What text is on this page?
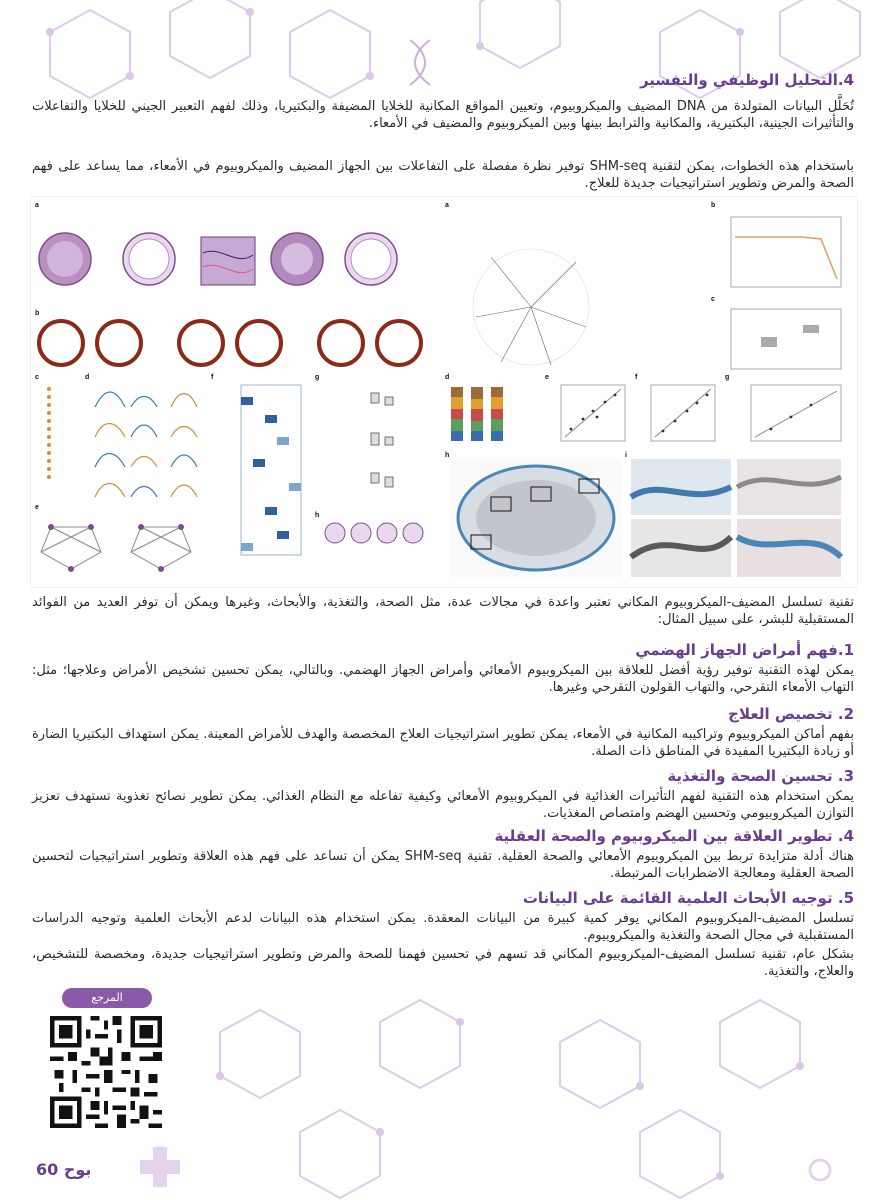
4.التحليل الوظيفي والتفسير
تُحَلَّل البيانات المتولدة من DNA المضيف والميكروبيوم، وتعيين المواقع المكانية للخلايا المضيفة والبكتيريا، وذلك لفهم التعبير الجيني للخلايا والتفاعلات والتأثيرات الجينية، البكتيرية، والمكانية والترابط بينها وبين الميكروبيوم والمضيف في الأمعاء.
باستخدام هذه الخطوات، يمكن لتقنية SHM-seq توفير نظرة مفصلة على التفاعلات بين الجهاز المضيف والميكروبيوم في الأمعاء، مما يساعد على فهم الصحة والمرض وتطوير استراتيجيات جديدة للعلاج.
a
b
c	d	f	g
e
h
a	b
c
d	e	f	g
h	i
تقنية تسلسل المضيف-الميكروبيوم المكاني تعتبر واعدة في مجالات عدة، مثل الصحة، والتغذية، والأبحاث، وغيرها ويمكن أن توفر العديد من الفوائد المستقبلية للبشر، على سبيل المثال:
1.فهم أمراض الجهاز الهضمي
يمكن لهذه التقنية توفير رؤية أفضل للعلاقة بين الميكروبيوم الأمعائي وأمراض الجهاز الهضمي. وبالتالي، يمكن تحسين تشخيص الأمراض وعلاجها؛ مثل: التهاب الأمعاء التقرحي، والتهاب القولون التقرحي وغيرها.
2. تخصيص العلاج
بفهم أماكن الميكروبيوم وتراكيبه المكانية في الأمعاء، يمكن تطوير استراتيجيات العلاج المخصصة والهدف للأمراض المعينة. يمكن استهداف البكتيريا الضارة أو زيادة البكتيريا المفيدة في المناطق ذات الصلة.
3. تحسين الصحة والتغذية
يمكن استخدام هذه التقنية لفهم التأثيرات الغذائية في الميكروبيوم الأمعائي وكيفية تفاعله مع النظام الغذائي. يمكن تطوير نصائح تغذوية تستهدف تعزيز التوازن الميكروبيومي وتحسين الهضم وامتصاص المغذيات.
4. تطوير العلاقة بين الميكروبيوم والصحة العقلية
هناك أدلة متزايدة تربط بين الميكروبيوم الأمعائي والصحة العقلية. تقنية SHM-seq يمكن أن تساعد على فهم هذه العلاقة وتطوير استراتيجيات لتحسين الصحة العقلية ومعالجة الاضطرابات المرتبطة.
5. توجيه الأبحاث العلمية القائمة على البيانات
تسلسل المضيف-الميكروبيوم المكاني يوفر كمية كبيرة من البيانات المعقدة. يمكن استخدام هذه البيانات لدعم الأبحاث العلمية وتوجيه الدراسات المستقبلية في مجال الصحة والتغذية والميكروبيوم.
بشكل عام، تقنية تسلسل المضيف-الميكروبيوم المكاني قد تسهم في تحسين فهمنا للصحة والمرض وتطوير استراتيجيات جديدة، ومخصصة للتشخيص، والعلاج، والتغذية.
المرجع
بوح 60
